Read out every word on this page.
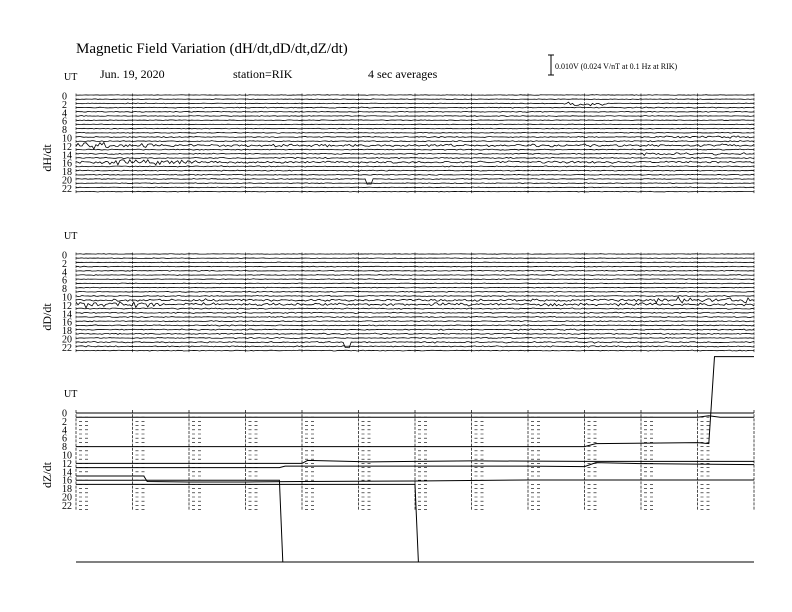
Magnetic Field Variation (dH/dt,dD/dt,dZ/dt)
Jun. 19, 2020	station=RIK	4 sec averages
0.010V (0.024 V/nT at 0.1 Hz at RIK)
UT
dH/dt
0
2
4
6
8
10
12
14
16
18
20
22
UT
dD/dt
0
2
4
6
8
10
12
14
16
18
20
22
UT
dZ/dt
0
2
4
6
8
10
12
14
16
18
20
22
